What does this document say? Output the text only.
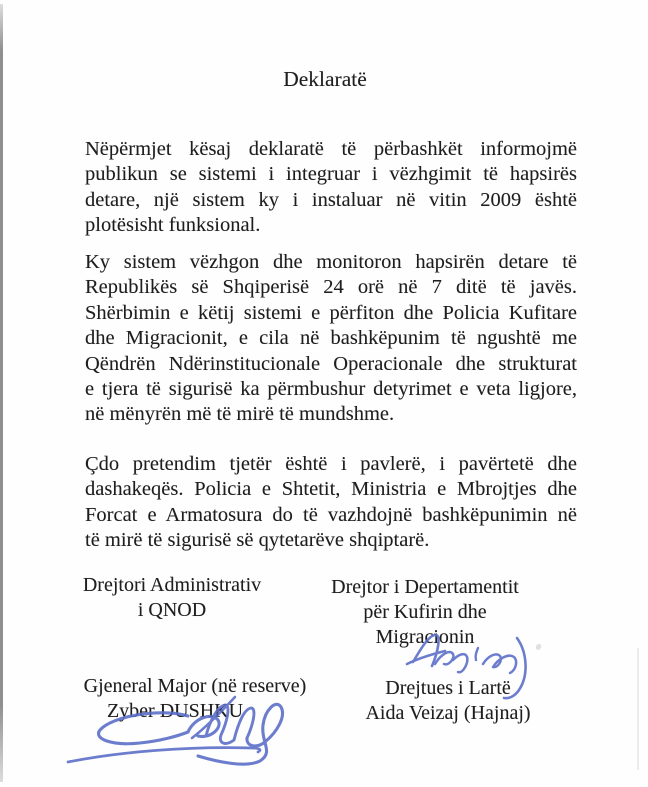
Deklaratë
Nëpërmjet kësaj deklaratë të përbashkët informojmë
publikun se sistemi i integruar i vëzhgimit të hapsirës
detare, një sistem ky i instaluar në vitin 2009 është
plotësisht funksional.
Ky sistem vëzhgon dhe monitoron hapsirën detare të
Republikës së Shqiperisë 24 orë në 7 ditë të javës.
Shërbimin e këtij sistemi e përfiton dhe Policia Kufitare
dhe Migracionit, e cila në bashkëpunim të ngushtë me
Qëndrën Ndërinstitucionale Operacionale dhe strukturat
e tjera të sigurisë ka përmbushur detyrimet e veta ligjore,
në mënyrën më të mirë të mundshme.
Çdo pretendim tjetër është i pavlerë, i pavërtetë dhe
dashakeqës. Policia e Shtetit, Ministria e Mbrojtjes dhe
Forcat e Armatosura do të vazhdojnë bashkëpunimin në
të mirë të sigurisë së qytetarëve shqiptarë.
Drejtori Administrativ
i QNOD
Drejtor i Depertamentit
për Kufirin dhe Migracionin
Gjeneral Major (në reserve)
Zyber DUSHKU
Drejtues i Lartë
Aida Veizaj (Hajnaj)
